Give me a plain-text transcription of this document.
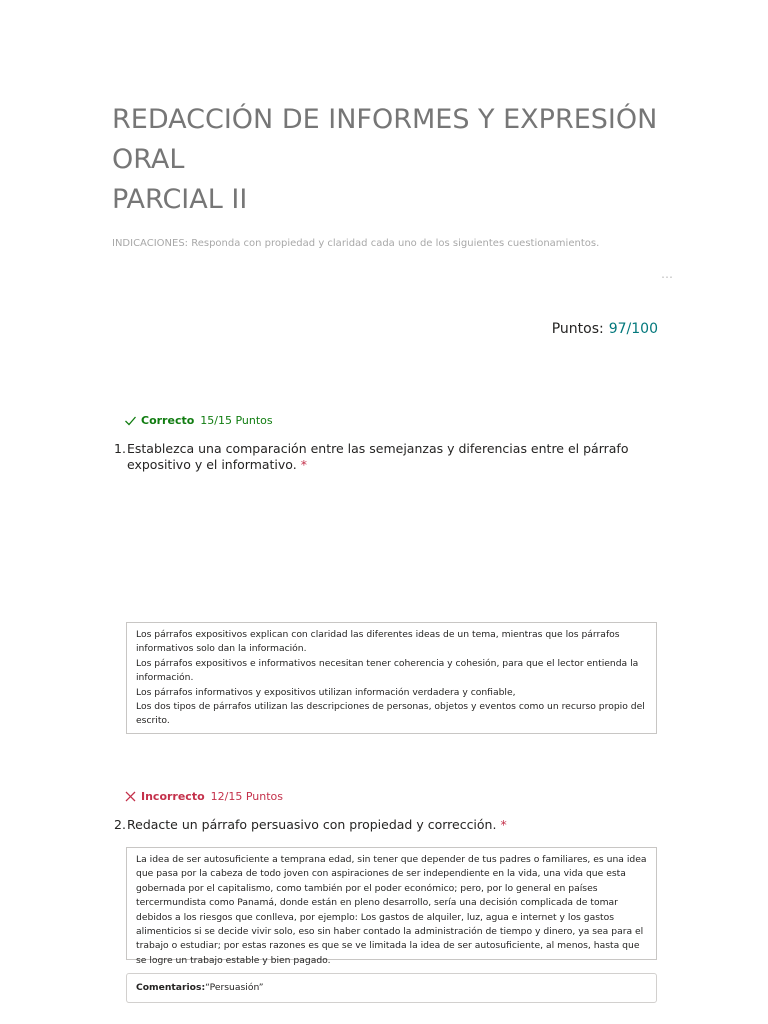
REDACCIÓN DE INFORMES Y EXPRESIÓN
ORAL
PARCIAL II
INDICACIONES: Responda con propiedad y claridad cada uno de los siguientes cuestionamientos.
…
Puntos: 97/100
Correcto 15/15 Puntos
1. Establezca una comparación entre las semejanzas y diferencias entre el párrafo expositivo y el informativo. *

Los párrafos expositivos explican con claridad las diferentes ideas de un tema, mientras que los párrafos informativos solo dan la información.

Los párrafos expositivos e informativos necesitan tener coherencia y cohesión, para que el lector entienda la información.

Los párrafos informativos y expositivos utilizan información verdadera y confiable,

Los dos tipos de párrafos utilizan las descripciones de personas, objetos y eventos como un recurso propio del escrito.

Incorrecto 12/15 Puntos
2. Redacte un párrafo persuasivo con propiedad y corrección. *

La idea de ser autosuficiente a temprana edad, sin tener que depender de tus padres o familiares, es una idea que pasa por la cabeza de todo joven con aspiraciones de ser independiente en la vida, una vida que esta gobernada por el capitalismo, como también por el poder económico; pero, por lo general en países tercermundista como Panamá, donde están en pleno desarrollo, sería una decisión complicada de tomar debidos a los riesgos que conlleva, por ejemplo: Los gastos de alquiler, luz, agua e internet y los gastos alimenticios si se decide vivir solo, eso sin haber contado la administración de tiempo y dinero, ya sea para el trabajo o estudiar; por estas razones es que se ve limitada la idea de ser autosuficiente, al menos, hasta que se logre un trabajo estable y bien pagado.

Comentarios:“Persuasión”
